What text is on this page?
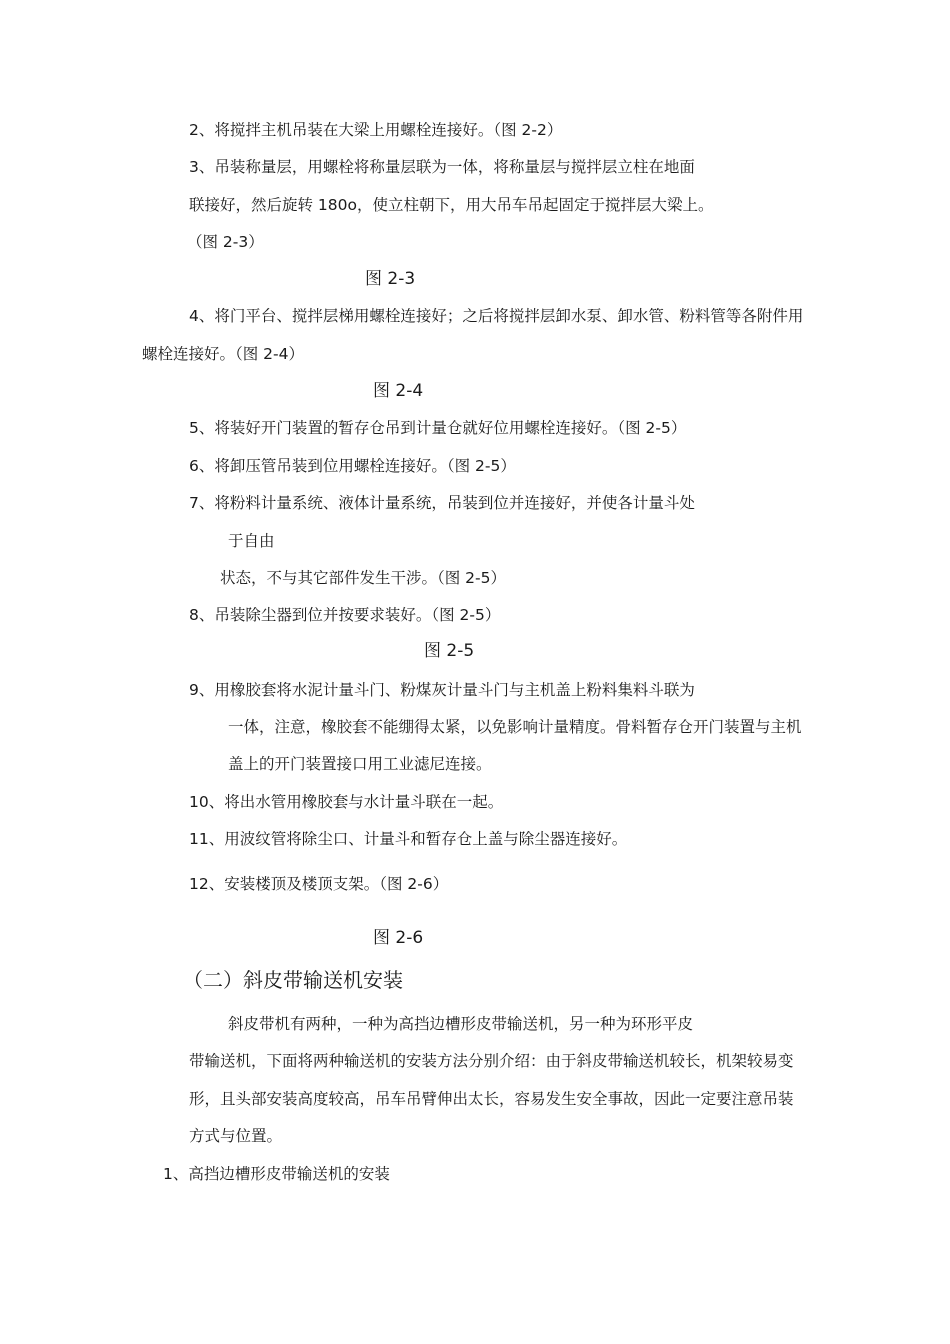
2、将搅拌主机吊装在大梁上用螺栓连接好。（图 2-2）
3、吊装称量层，用螺栓将称量层联为一体，将称量层与搅拌层立柱在地面
联接好，然后旋转 180o，使立柱朝下，用大吊车吊起固定于搅拌层大梁上。
（图 2-3）
图 2-3
4、将门平台、搅拌层梯用螺栓连接好；之后将搅拌层卸水泵、卸水管、粉料管等各附件用
螺栓连接好。（图 2-4）
图 2-4
5、将装好开门装置的暂存仓吊到计量仓就好位用螺栓连接好。（图 2-5）
6、将卸压管吊装到位用螺栓连接好。（图 2-5）
7、将粉料计量系统、液体计量系统，吊装到位并连接好，并使各计量斗处
于自由
状态，不与其它部件发生干涉。（图 2-5）
8、吊装除尘器到位并按要求装好。（图 2-5）
图 2-5
9、用橡胶套将水泥计量斗门、粉煤灰计量斗门与主机盖上粉料集料斗联为
一体，注意，橡胶套不能绷得太紧，以免影响计量精度。骨料暂存仓开门装置与主机
盖上的开门装置接口用工业滤尼连接。
10、将出水管用橡胶套与水计量斗联在一起。
11、用波纹管将除尘口、计量斗和暂存仓上盖与除尘器连接好。
12、安装楼顶及楼顶支架。（图 2-6）
图 2-6
（二）斜皮带输送机安装
斜皮带机有两种，一种为高挡边槽形皮带输送机，另一种为环形平皮
带输送机，下面将两种输送机的安装方法分别介绍：由于斜皮带输送机较长，机架较易变
形，且头部安装高度较高，吊车吊臂伸出太长，容易发生安全事故，因此一定要注意吊装
方式与位置。
1、高挡边槽形皮带输送机的安装
